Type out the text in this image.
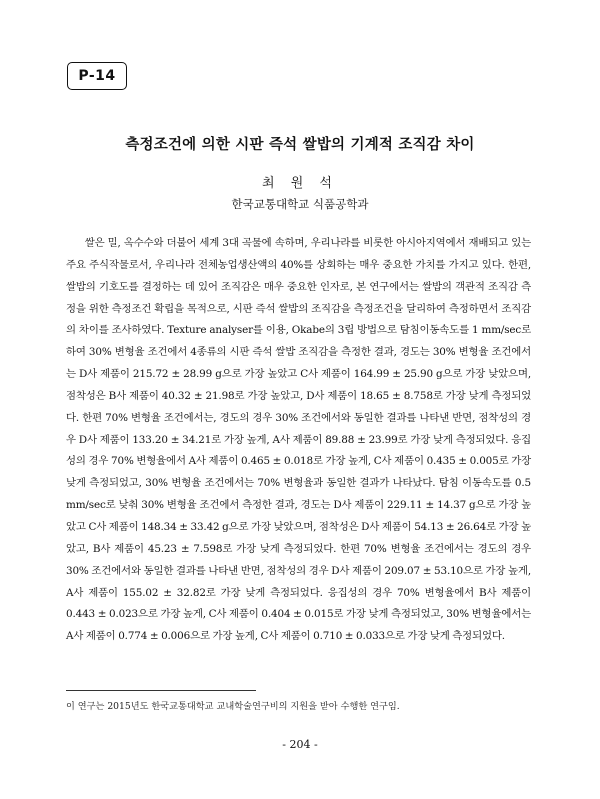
P-14
측정조건에 의한 시판 즉석 쌀밥의 기계적 조직감 차이
최 원 석
한국교통대학교 식품공학과

쌀은 밀, 옥수수와 더불어 세계 3대 곡물에 속하며, 우리나라를 비롯한 아시아지역에서 재배되고 있는 주요 주식작물로서, 우리나라 전체농업생산액의 40%를 상회하는 매우 중요한 가치를 가지고 있다. 한편, 쌀밥의 기호도를 결정하는 데 있어 조직감은 매우 중요한 인자로, 본 연구에서는 쌀밥의 객관적 조직감 측정을 위한 측정조건 확립을 목적으로, 시판 즉석 쌀밥의 조직감을 측정조건을 달리하여 측정하면서 조직감의 차이를 조사하였다. Texture analyser를 이용, Okabe의 3립 방법으로 탐침이동속도를 1 mm/sec로 하여 30% 변형율 조건에서 4종류의 시판 즉석 쌀밥 조직감을 측정한 결과, 경도는 30% 변형율 조건에서는 D사 제품이 215.72 ± 28.99 g으로 가장 높았고 C사 제품이 164.99 ± 25.90 g으로 가장 낮았으며, 점착성은 B사 제품이 40.32 ± 21.98로 가장 높았고, D사 제품이 18.65 ± 8.758로 가장 낮게 측정되었다. 한편 70% 변형율 조건에서는, 경도의 경우 30% 조건에서와 동일한 결과를 나타낸 반면, 점착성의 경우 D사 제품이 133.20 ± 34.21로 가장 높게, A사 제품이 89.88 ± 23.99로 가장 낮게 측정되었다. 응집성의 경우 70% 변형율에서 A사 제품이 0.465 ± 0.018로 가장 높게, C사 제품이 0.435 ± 0.005로 가장 낮게 측정되었고, 30% 변형율 조건에서는 70% 변형율과 동일한 결과가 나타났다. 탐침 이동속도를 0.5 mm/sec로 낮춰 30% 변형율 조건에서 측정한 결과, 경도는 D사 제품이 229.11 ± 14.37 g으로 가장 높았고 C사 제품이 148.34 ± 33.42 g으로 가장 낮았으며, 점착성은 D사 제품이 54.13 ± 26.64로 가장 높았고, B사 제품이 45.23 ± 7.598로 가장 낮게 측정되었다. 한편 70% 변형율 조건에서는 경도의 경우 30% 조건에서와 동일한 결과를 나타낸 반면, 점착성의 경우 D사 제품이 209.07 ± 53.10으로 가장 높게, A사 제품이 155.02 ± 32.82로 가장 낮게 측정되었다. 응집성의 경우 70% 변형율에서 B사 제품이 0.443 ± 0.023으로 가장 높게, C사 제품이 0.404 ± 0.015로 가장 낮게 측정되었고, 30% 변형율에서는 A사 제품이 0.774 ± 0.006으로 가장 높게, C사 제품이 0.710 ± 0.033으로 가장 낮게 측정되었다.

이 연구는 2015년도 한국교통대학교 교내학술연구비의 지원을 받아 수행한 연구임.
- 204 -
